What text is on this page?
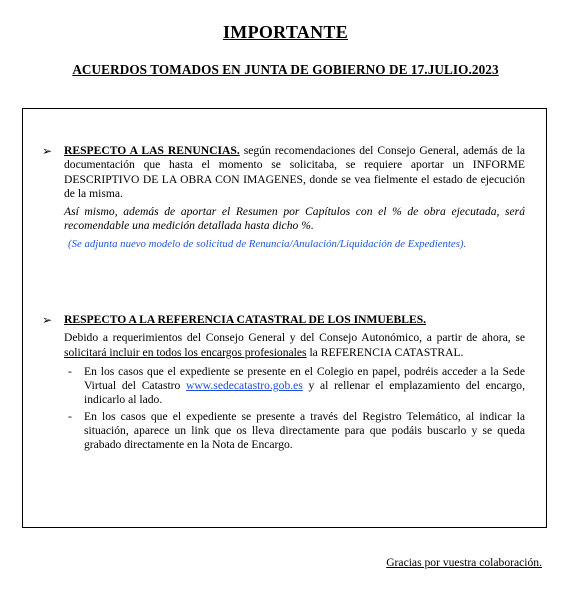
IMPORTANTE
ACUERDOS TOMADOS EN JUNTA DE GOBIERNO DE 17.JULIO.2023
➢ RESPECTO A LAS RENUNCIAS. según recomendaciones del Consejo General, además de la documentación que hasta el momento se solicitaba, se requiere aportar un INFORME DESCRIPTIVO DE LA OBRA CON IMAGENES, donde se vea fielmente el estado de ejecución de la misma.
Así mismo, además de aportar el Resumen por Capítulos con el % de obra ejecutada, será recomendable una medición detallada hasta dicho %.
(Se adjunta nuevo modelo de solicitud de Renuncia/Anulación/Liquidación de Expedientes).
➢ RESPECTO A LA REFERENCIA CATASTRAL DE LOS INMUEBLES.
Debido a requerimientos del Consejo General y del Consejo Autonómico, a partir de ahora, se solicitará incluir en todos los encargos profesionales la REFERENCIA CATASTRAL.
- En los casos que el expediente se presente en el Colegio en papel, podréis acceder a la Sede Virtual del Catastro www.sedecatastro.gob.es y al rellenar el emplazamiento del encargo, indicarlo al lado.
- En los casos que el expediente se presente a través del Registro Telemático, al indicar la situación, aparece un link que os lleva directamente para que podáis buscarlo y se queda grabado directamente en la Nota de Encargo.
Gracias por vuestra colaboración.
